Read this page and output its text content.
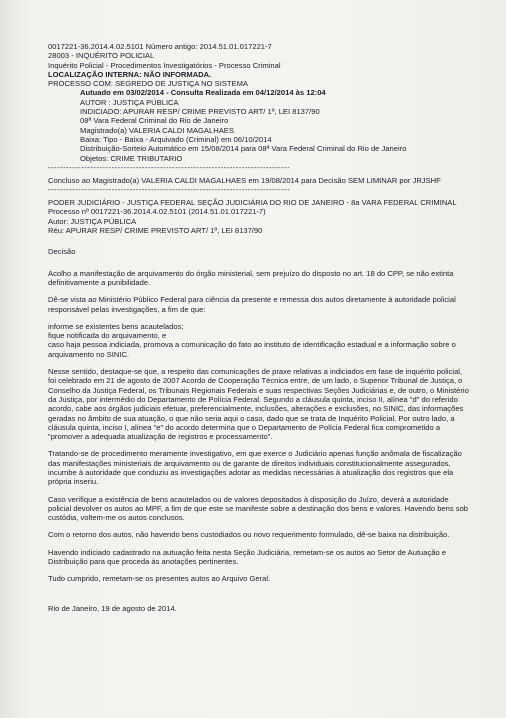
0017221-36.2014.4.02.5101 Número antigo: 2014.51.01.017221-7
28003 - INQUÉRITO POLICIAL
Inquérito Policial - Procedimentos Investigatórios - Processo Criminal
LOCALIZAÇÃO INTERNA: NÃO INFORMADA.
PROCESSO COM: SEGREDO DE JUSTIÇA NO SISTEMA
Autuado em 03/02/2014 - Consulta Realizada em 04/12/2014 às 12:04
AUTOR : JUSTIÇA PÚBLICA
INDICIADO: APURAR RESP/ CRIME PREVISTO ART/ 1º, LEI 8137/90
08ª Vara Federal Criminal do Rio de Janeiro
Magistrado(a) VALERIA CALDI MAGALHAES
Baixa: Tipo - Baixa - Arquivado (Criminal) em 06/10/2014
Distribuição-Sorteio Automático em 15/08/2014 para 08ª Vara Federal Criminal do Rio de Janeiro
Objetos: CRIME TRIBUTARIO
--------------------------------------------------------------------------------

Concluso ao Magistrado(a) VALERIA CALDI MAGALHAES em 19/08/2014 para Decisão SEM LIMINAR por JRJSHF

--------------------------------------------------------------------------------

PODER JUDICIÁRIO - JUSTIÇA FEDERAL SEÇÃO JUDICIÁRIA DO RIO DE JANEIRO - 8a VARA FEDERAL CRIMINAL

Processo nº 0017221-36.2014.4.02.5101 (2014.51.01.017221-7)
Autor: JUSTIÇA PÚBLICA
Réu: APURAR RESP/ CRIME PREVISTO ART/ 1º, LEI 8137/90
Decisão

Acolho a manifestação de arquivamento do órgão ministerial, sem prejuízo do disposto no art. 18 do CPP, se não extinta definitivamente a punibilidade.

Dê-se vista ao Ministério Público Federal para ciência da presente e remessa dos autos diretamente à autoridade policial responsável pelas investigações, a fim de que:

informe se existentes bens acautelados;

fique notificada do arquivamento, e

caso haja pessoa indiciada, promova a comunicação do fato ao instituto de identificação estadual e a informação sobre o arquivamento no SINIC.

Nesse sentido, destaque-se que, a respeito das comunicações de praxe relativas a indiciados em fase de inquérito policial, foi celebrado em 21 de agosto de 2007 Acordo de Cooperação Técnica entre, de um lado, o Superior Tribunal de Justiça, o Conselho da Justiça Federal, os Tribunais Regionais Federais e suas respectivas Seções Judiciárias e, de outro, o Ministério da Justiça, por intermédio do Departamento de Polícia Federal. Segundo a cláusula quinta, inciso II, alínea "d" do referido acordo, cabe aos órgãos judiciais efetuar, preferencialmente, inclusões, alterações e exclusões, no SINIC, das informações geradas no âmbito de sua atuação, o que não seria aqui o caso, dado que se trata de Inquérito Policial. Por outro lado, a cláusula quinta, inciso I, alínea "e" do acordo determina que o Departamento de Polícia Federal fica comprometido a "promover a adequada atualização de registros e processamento".

Tratando-se de procedimento meramente investigativo, em que exerce o Judiciário apenas função anômala de fiscalização das manifestações ministeriais de arquivamento ou de garante de direitos individuais constitucionalmente assegurados, incumbe à autoridade que conduziu as investigações adotar as medidas necessárias à atualização dos registros que ela própria inseriu.

Caso verifique a existência de bens acautelados ou de valores depositados à disposição do Juízo, deverá a autoridade policial devolver os autos ao MPF, a fim de que este se manifeste sobre a destinação dos bens e valores. Havendo bens sob custódia, voltem-me os autos conclusos.

Com o retorno dos autos, não havendo bens custodiados ou novo requerimento formulado, dê-se baixa na distribuição.

Havendo indiciado cadastrado na autuação feita nesta Seção Judiciária, remetam-se os autos ao Setor de Autuação e Distribuição para que proceda às anotações pertinentes.

Tudo cumprido, remetam-se os presentes autos ao Arquivo Geral.

Rio de Janeiro, 19 de agosto de 2014.
